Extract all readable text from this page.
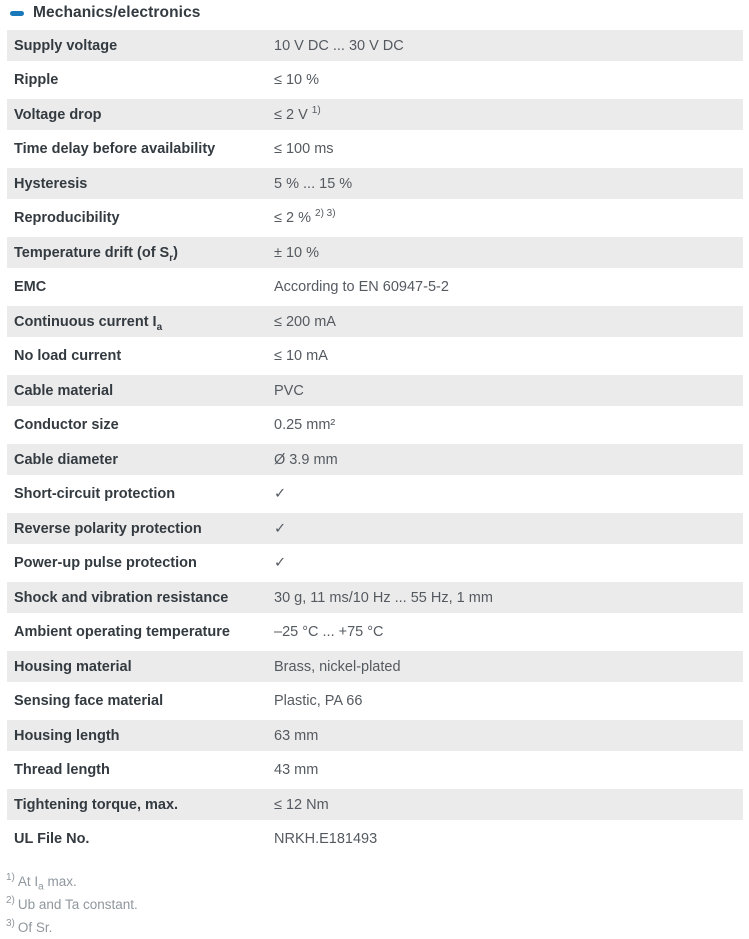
Mechanics/electronics
Supply voltage	10 V DC ... 30 V DC
Ripple	≤ 10 %
Voltage drop	≤ 2 V $^{1)}$
Time delay before availability	≤ 100 ms
Hysteresis	5 % ... 15 %
Reproducibility	≤ 2 % $^{2) 3)}$
Temperature drift (of $S_r$)	± 10 %
EMC	According to EN 60947-5-2
Continuous current $I_a$	≤ 200 mA
No load current	≤ 10 mA
Cable material	PVC
Conductor size	0.25 mm²
Cable diameter	Ø 3.9 mm
Short-circuit protection	✓
Reverse polarity protection	✓
Power-up pulse protection	✓
Shock and vibration resistance	30 g, 11 ms/10 Hz ... 55 Hz, 1 mm
Ambient operating temperature	–25 °C ... +75 °C
Housing material	Brass, nickel-plated
Sensing face material	Plastic, PA 66
Housing length	63 mm
Thread length	43 mm
Tightening torque, max.	≤ 12 Nm
UL File No.	NRKH.E181493
$^{1)}$ At $I_a$ max.
$^{2)}$ Ub and Ta constant.
$^{3)}$ Of Sr.
